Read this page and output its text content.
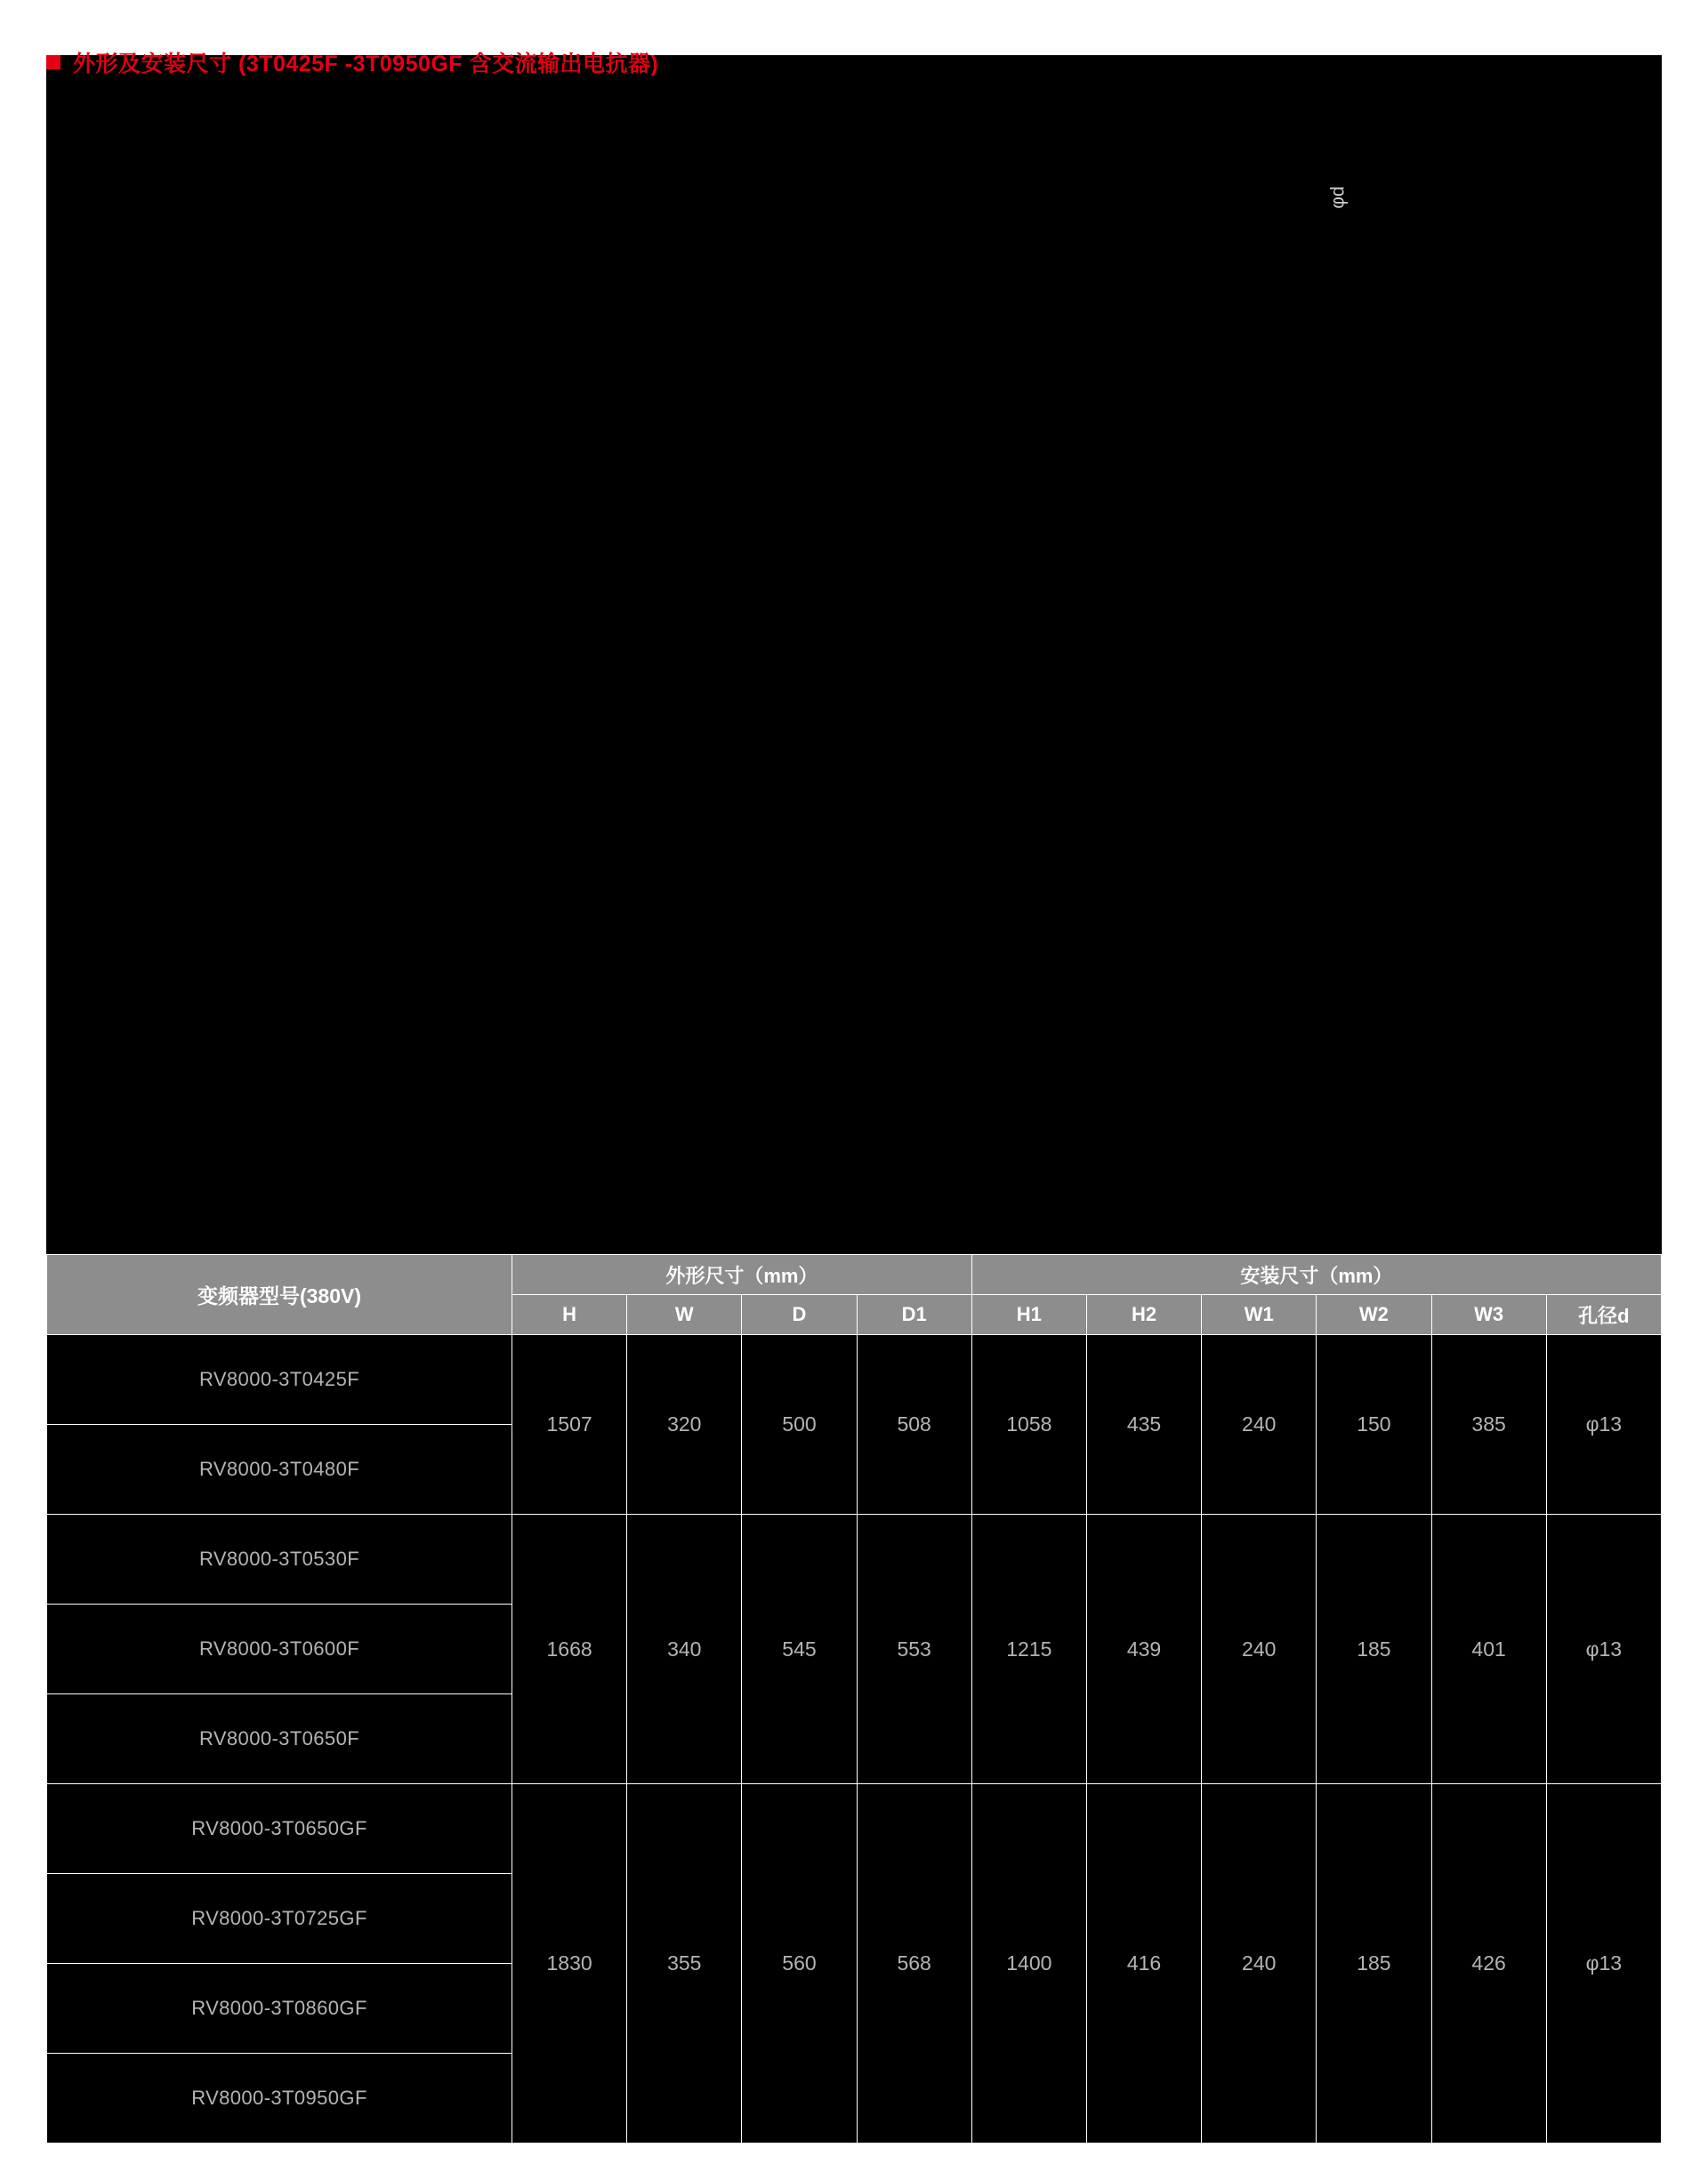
外形及安装尺寸 (3T0425F -3T0950GF 含交流输出电抗器)
φd
变频器型号(380V)	外形尺寸（mm）				安装尺寸（mm）					
	H	W	D	D1	H1	H2	W1	W2	W3	孔径d
RV8000-3T0425F	1507	320	500	508	1058	435	240	150	385	φ13
RV8000-3T0480F										
RV8000-3T0530F	1668	340	545	553	1215	439	240	185	401	φ13
RV8000-3T0600F										
RV8000-3T0650F										
RV8000-3T0650GF	1830	355	560	568	1400	416	240	185	426	φ13
RV8000-3T0725GF										
RV8000-3T0860GF										
RV8000-3T0950GF										
